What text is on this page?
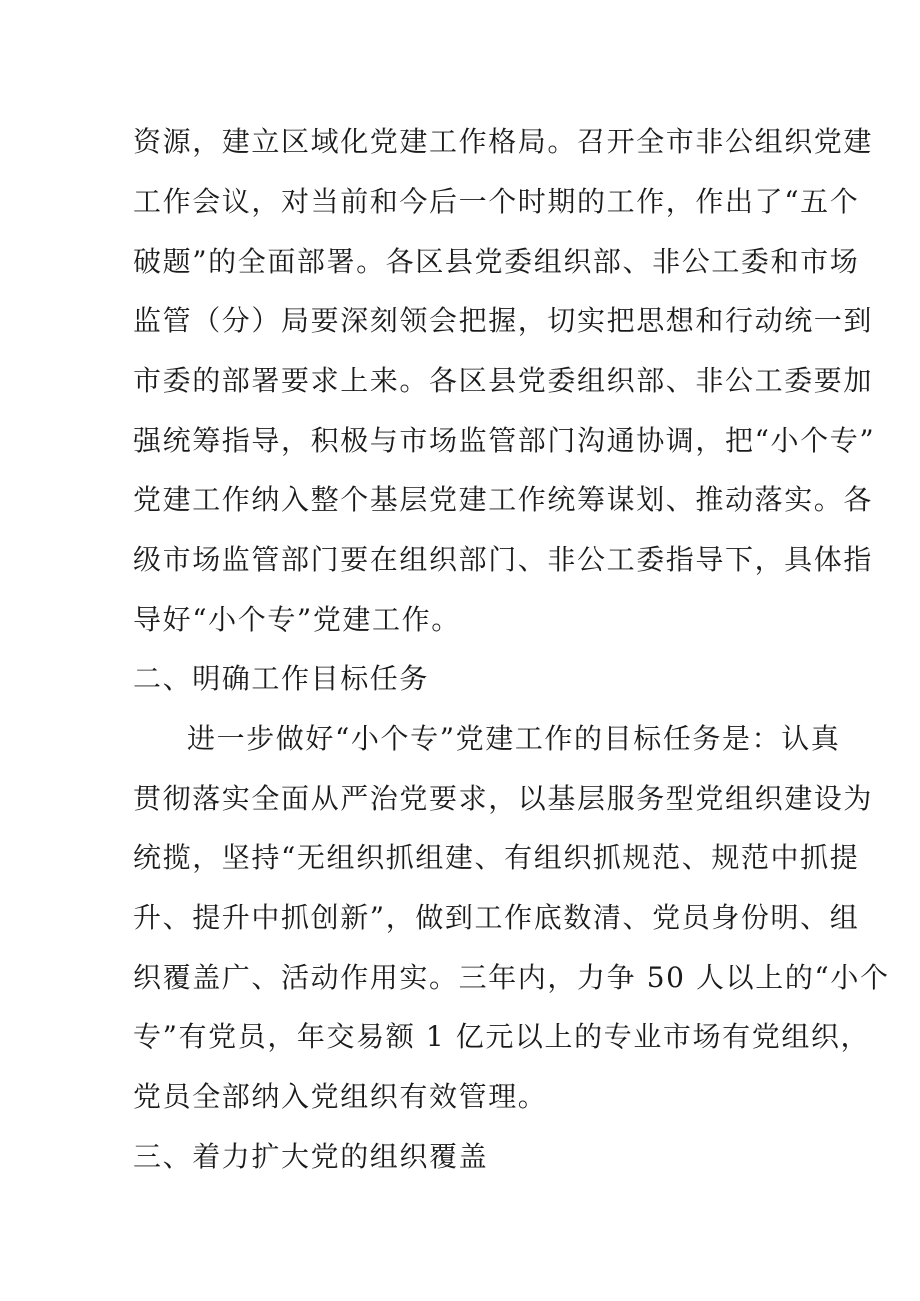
资源，建立区域化党建工作格局。召开全市非公组织党建
工作会议，对当前和今后一个时期的工作，作出了“五个
破题”的全面部署。各区县党委组织部、非公工委和市场
监管（分）局要深刻领会把握，切实把思想和行动统一到
市委的部署要求上来。各区县党委组织部、非公工委要加
强统筹指导，积极与市场监管部门沟通协调，把“小个专”
党建工作纳入整个基层党建工作统筹谋划、推动落实。各
级市场监管部门要在组织部门、非公工委指导下，具体指
导好“小个专”党建工作。
二、明确工作目标任务
进一步做好“小个专”党建工作的目标任务是：认真
贯彻落实全面从严治党要求，以基层服务型党组织建设为
统揽，坚持“无组织抓组建、有组织抓规范、规范中抓提
升、提升中抓创新”，做到工作底数清、党员身份明、组
织覆盖广、活动作用实。三年内，力争 50 人以上的“小个
专”有党员，年交易额 1 亿元以上的专业市场有党组织，
党员全部纳入党组织有效管理。
三、着力扩大党的组织覆盖
